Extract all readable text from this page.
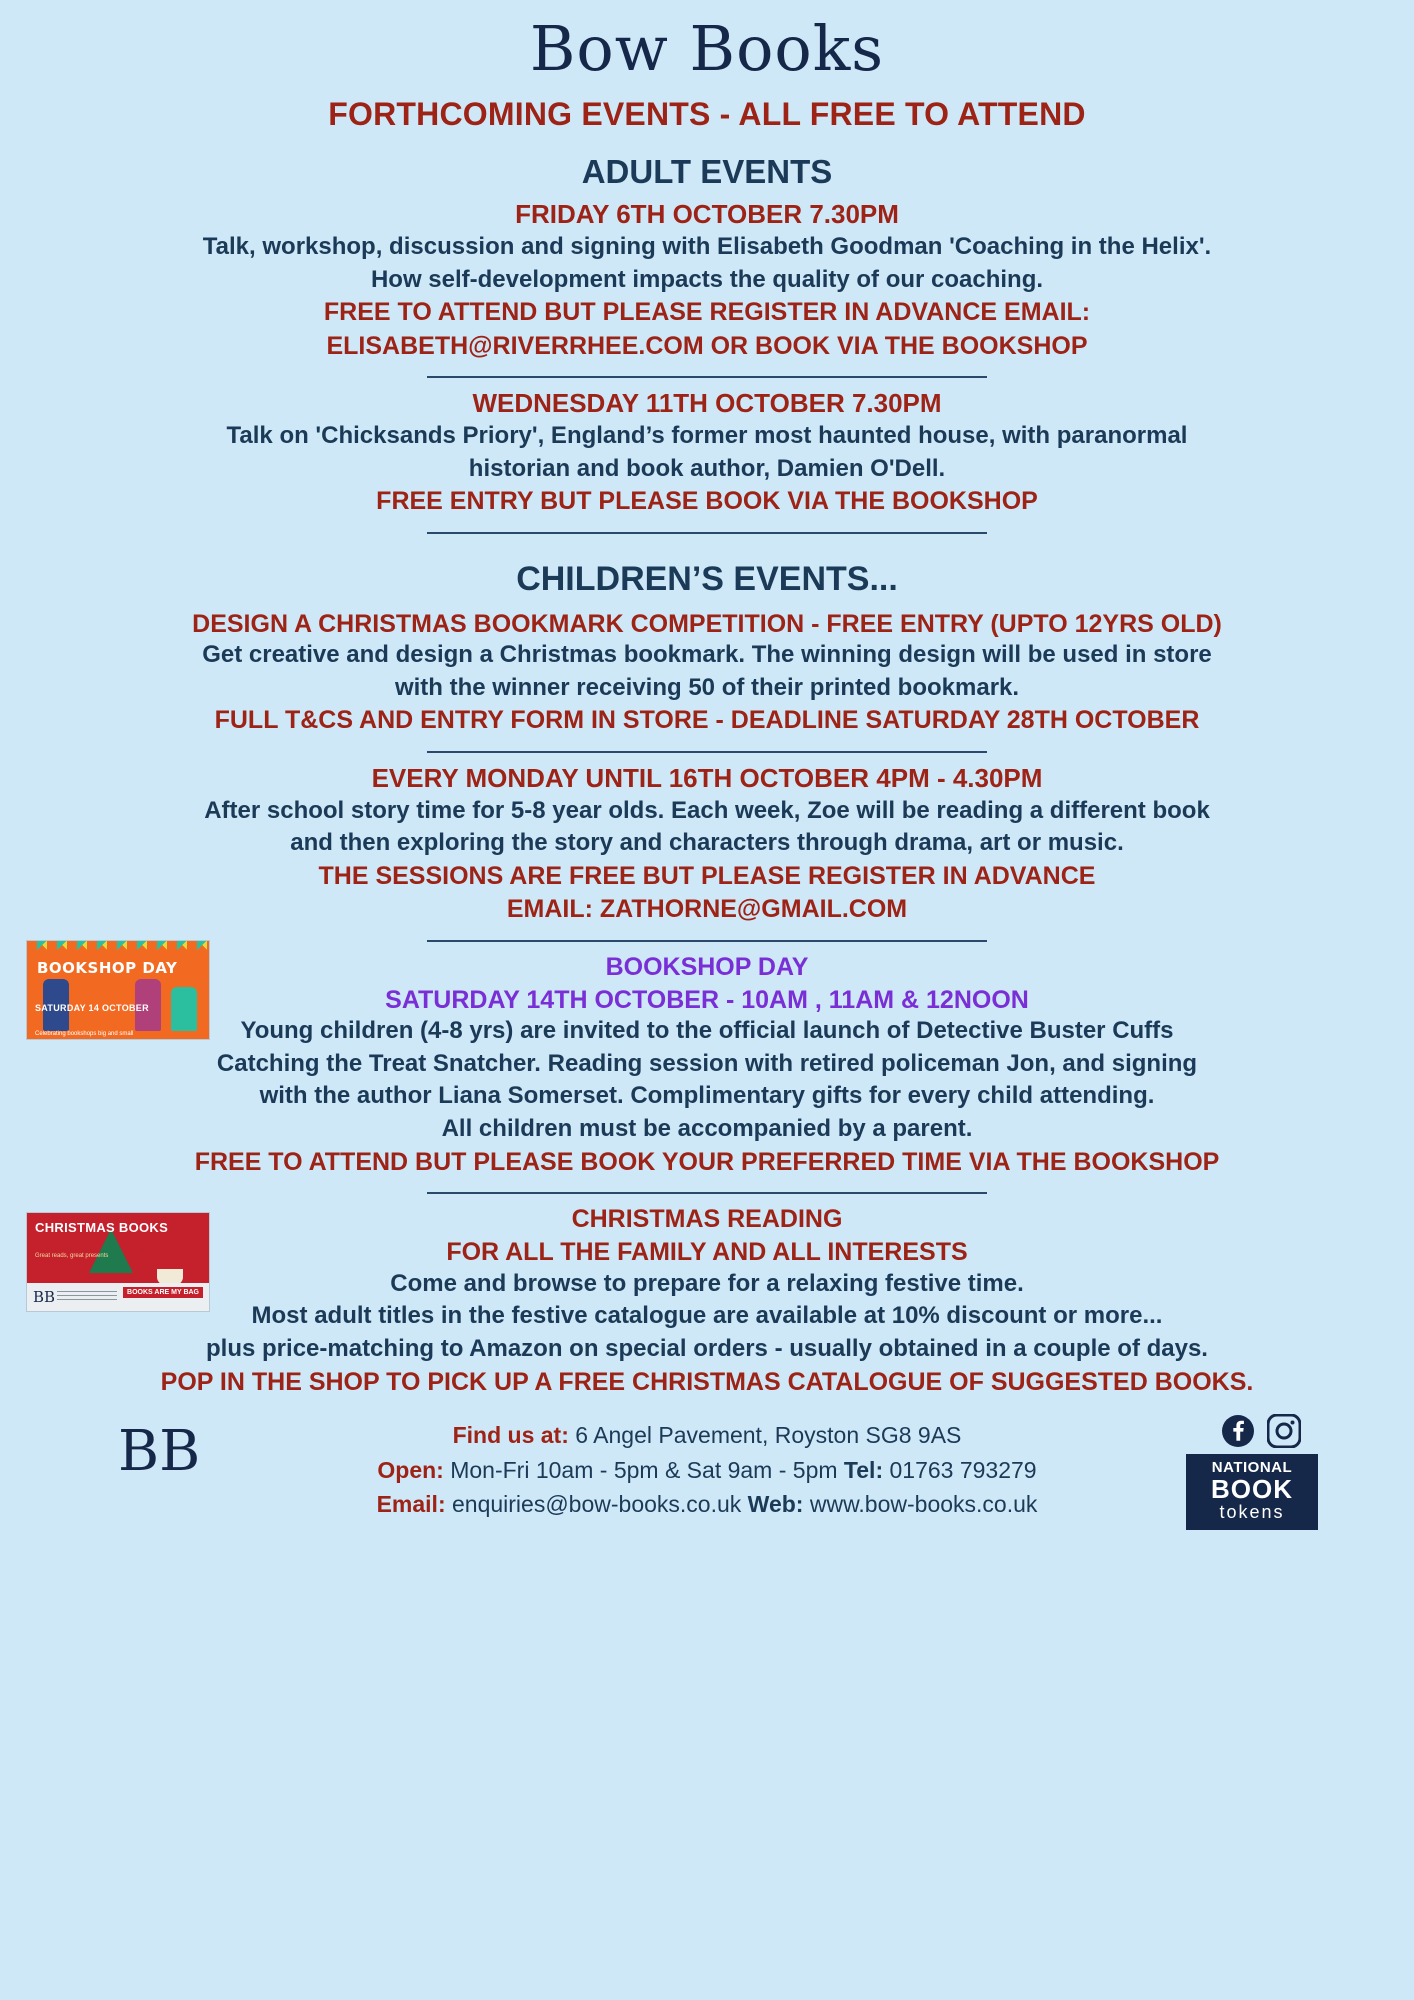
Bow Books
FORTHCOMING EVENTS - ALL FREE TO ATTEND
ADULT EVENTS
FRIDAY 6TH OCTOBER 7.30PM
Talk, workshop, discussion and signing with Elisabeth Goodman 'Coaching in the Helix'.
How self-development impacts the quality of our coaching.
FREE TO ATTEND BUT PLEASE REGISTER IN ADVANCE EMAIL:
ELISABETH@RIVERRHEE.COM OR BOOK VIA THE BOOKSHOP
WEDNESDAY 11TH OCTOBER 7.30PM
Talk on 'Chicksands Priory', England’s former most haunted house, with paranormal
historian and book author, Damien O'Dell.
FREE ENTRY BUT PLEASE BOOK VIA THE BOOKSHOP
CHILDREN’S EVENTS...
DESIGN A CHRISTMAS BOOKMARK COMPETITION - FREE ENTRY (UPTO 12YRS OLD)
Get creative and design a Christmas bookmark. The winning design will be used in store
with the winner receiving 50 of their printed bookmark.
FULL T&CS AND ENTRY FORM IN STORE - DEADLINE SATURDAY 28TH OCTOBER
EVERY MONDAY UNTIL 16TH OCTOBER 4PM - 4.30PM
After school story time for 5-8 year olds. Each week, Zoe will be reading a different book
and then exploring the story and characters through drama, art or music.
THE SESSIONS ARE FREE BUT PLEASE REGISTER IN ADVANCE
EMAIL: ZATHORNE@GMAIL.COM
BOOKSHOP DAY
SATURDAY 14 OCTOBER
Celebrating bookshops big and small
BOOKSHOP DAY
SATURDAY 14TH OCTOBER - 10AM , 11AM & 12NOON
Young children (4-8 yrs) are invited to the official launch of Detective Buster Cuffs
Catching the Treat Snatcher. Reading session with retired policeman Jon, and signing
with the author Liana Somerset. Complimentary gifts for every child attending.
All children must be accompanied by a parent.
FREE TO ATTEND BUT PLEASE BOOK YOUR PREFERRED TIME VIA THE BOOKSHOP
CHRISTMAS BOOKS
Great reads, great presents
BB	BOOKS ARE MY BAG
CHRISTMAS READING
FOR ALL THE FAMILY AND ALL INTERESTS
Come and browse to prepare for a relaxing festive time.
Most adult titles in the festive catalogue are available at 10% discount or more...
plus price-matching to Amazon on special orders - usually obtained in a couple of days.
POP IN THE SHOP TO PICK UP A FREE CHRISTMAS CATALOGUE OF SUGGESTED BOOKS.
BB	Find us at: 6 Angel Pavement, Royston SG8 9AS
Open: Mon-Fri 10am - 5pm & Sat 9am - 5pm Tel: 01763 793279
Email: enquiries@bow-books.co.uk Web: www.bow-books.co.uk
NATIONAL
BOOK
tokens
